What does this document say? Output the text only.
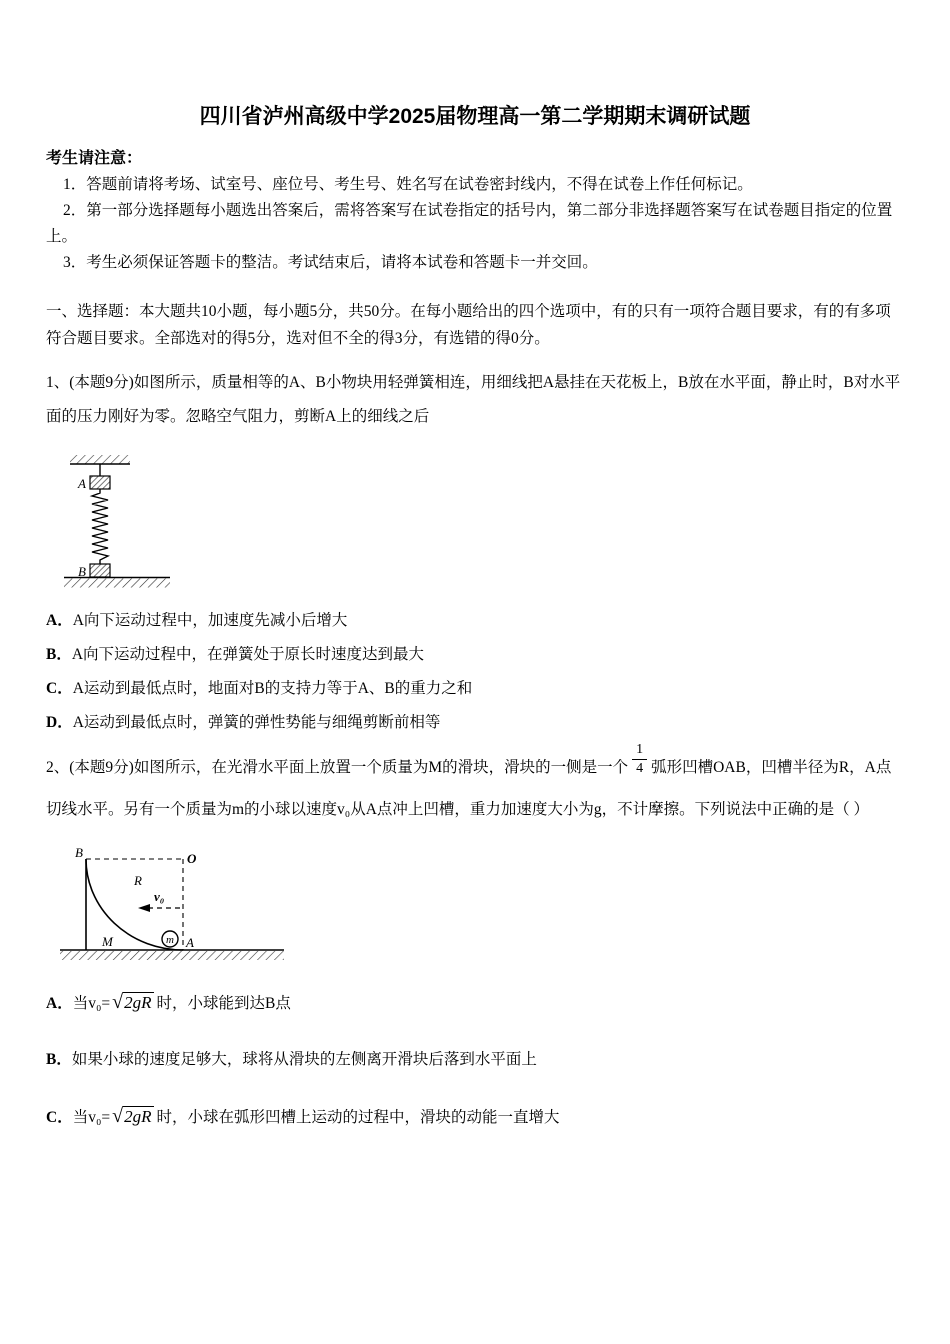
四川省泸州高级中学2025届物理高一第二学期期末调研试题

考生请注意：

1．答题前请将考场、试室号、座位号、考生号、姓名写在试卷密封线内，不得在试卷上作任何标记。

2．第一部分选择题每小题选出答案后，需将答案写在试卷指定的括号内，第二部分非选择题答案写在试卷题目指定的位置上。

3．考生必须保证答题卡的整洁。考试结束后，请将本试卷和答题卡一并交回。

一、选择题：本大题共10小题，每小题5分，共50分。在每小题给出的四个选项中，有的只有一项符合题目要求，有的有多项符合题目要求。全部选对的得5分，选对但不全的得3分，有选错的得0分。

1、(本题9分)如图所示，质量相等的A、B小物块用轻弹簧相连，用细线把A悬挂在天花板上，B放在水平面，静止时，B对水平面的压力刚好为零。忽略空气阻力，剪断A上的细线之后

A
B

A．A向下运动过程中，加速度先减小后增大

B．A向下运动过程中，在弹簧处于原长时速度达到最大

C．A运动到最低点时，地面对B的支持力等于A、B的重力之和

D．A运动到最低点时，弹簧的弹性势能与细绳剪断前相等

2、(本题9分)如图所示，在光滑水平面上放置一个质量为M的滑块，滑块的一侧是一个 $\frac{1}{4}$ 弧形凹槽OAB，凹槽半径为R，A点切线水平。另有一个质量为m的小球以速度v₀从A点冲上凹槽，重力加速度大小为g，不计摩擦。下列说法中正确的是（ ）

v₀
m
B	O
R
M	A

A．当v₀= √2gR 时，小球能到达B点

B．如果小球的速度足够大，球将从滑块的左侧离开滑块后落到水平面上

C．当v₀= √2gR 时，小球在弧形凹槽上运动的过程中，滑块的动能一直增大
